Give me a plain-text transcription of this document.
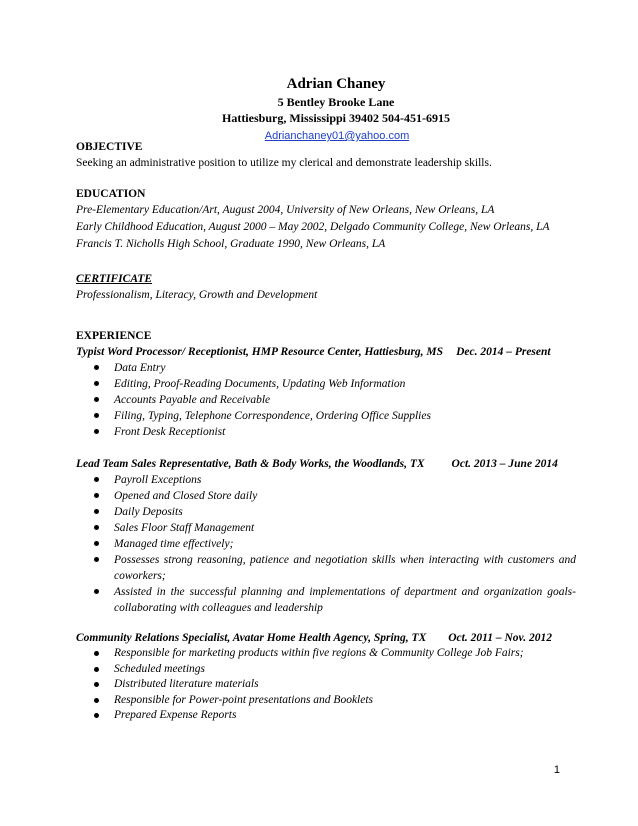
Adrian Chaney
5 Bentley Brooke Lane
Hattiesburg, Mississippi 39402 504-451-6915
Adrianchaney01@yahoo.com
OBJECTIVE
Seeking an administrative position to utilize my clerical and demonstrate leadership skills.
EDUCATION
Pre-Elementary Education/Art, August 2004, University of New Orleans, New Orleans, LA
Early Childhood Education, August 2000 – May 2002, Delgado Community College, New Orleans, LA
Francis T. Nicholls High School, Graduate 1990, New Orleans, LA
CERTIFICATE
Professionalism, Literacy, Growth and Development
EXPERIENCE
Typist Word Processor/ Receptionist, HMP Resource Center, Hattiesburg, MS Dec. 2014 – Present
Data Entry
Editing, Proof-Reading Documents, Updating Web Information
Accounts Payable and Receivable
Filing, Typing, Telephone Correspondence, Ordering Office Supplies
Front Desk Receptionist
Lead Team Sales Representative, Bath & Body Works, the Woodlands, TX Oct. 2013 – June 2014
Payroll Exceptions
Opened and Closed Store daily
Daily Deposits
Sales Floor Staff Management
Managed time effectively;
Possesses strong reasoning, patience and negotiation skills when interacting with customers and coworkers;
Assisted in the successful planning and implementations of department and organization goals-collaborating with colleagues and leadership
Community Relations Specialist, Avatar Home Health Agency, Spring, TX Oct. 2011 – Nov. 2012
Responsible for marketing products within five regions & Community College Job Fairs;
Scheduled meetings
Distributed literature materials
Responsible for Power-point presentations and Booklets
Prepared Expense Reports
1
